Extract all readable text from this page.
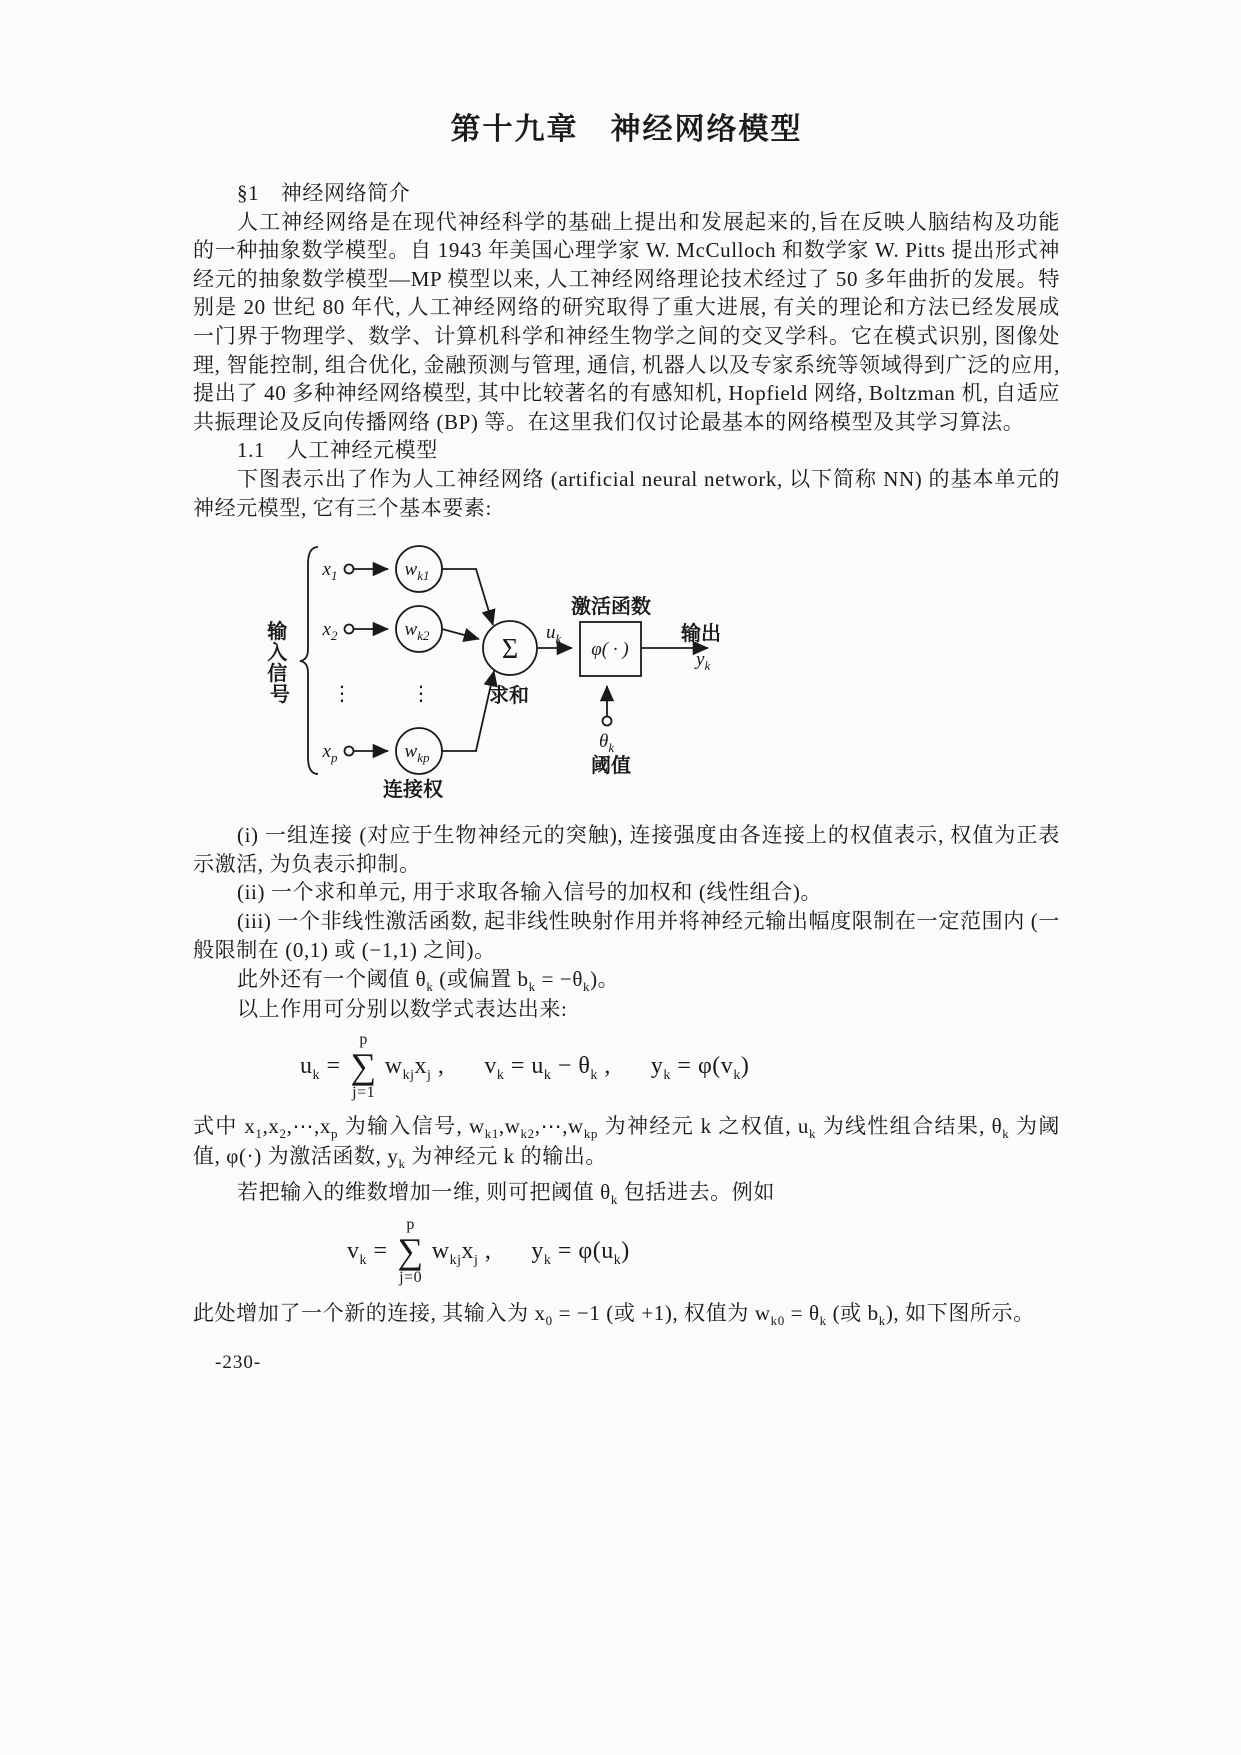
第十九章　神经网络模型

§1　神经网络简介

人工神经网络是在现代神经科学的基础上提出和发展起来的,旨在反映人脑结构及功能的一种抽象数学模型。自 1943 年美国心理学家 W. McCulloch 和数学家 W. Pitts 提出形式神经元的抽象数学模型—MP 模型以来, 人工神经网络理论技术经过了 50 多年曲折的发展。特别是 20 世纪 80 年代, 人工神经网络的研究取得了重大进展, 有关的理论和方法已经发展成一门界于物理学、数学、计算机科学和神经生物学之间的交叉学科。它在模式识别, 图像处理, 智能控制, 组合优化, 金融预测与管理, 通信, 机器人以及专家系统等领域得到广泛的应用, 提出了 40 多种神经网络模型, 其中比较著名的有感知机, Hopfield 网络, Boltzman 机, 自适应共振理论及反向传播网络 (BP) 等。在这里我们仅讨论最基本的网络模型及其学习算法。

1.1　人工神经元模型

下图表示出了作为人工神经网络 (artificial neural network, 以下简称 NN) 的基本单元的神经元模型, 它有三个基本要素:

输 入 信 号
$x_1$	$w_{k1}$
$x_2$	$w_{k2}$
⋮	⋮
$x_p$	$w_{kp}$
连接权
Σ
求和
$u_k$
激活函数
φ( · )
输出
$y_k$
$\theta_k$
阈值

(i) 一组连接 (对应于生物神经元的突触), 连接强度由各连接上的权值表示, 权值为正表示激活, 为负表示抑制。

(ii) 一个求和单元, 用于求取各输入信号的加权和 (线性组合)。

(iii) 一个非线性激活函数, 起非线性映射作用并将神经元输出幅度限制在一定范围内 (一般限制在 (0,1) 或 (−1,1) 之间)。

此外还有一个阈值 $\theta_k$ (或偏置 $b_k = -\theta_k$)。

以上作用可分别以数学式表达出来:

$u_k$ =
p
∑
j=1
$w_{kj}x_j$ , $v_k = u_k - \theta_k$ , $y_k = \varphi(v_k)$

式中 $x_1,x_2,\cdots,x_p$ 为输入信号, $w_{k1},w_{k2},\cdots,w_{kp}$ 为神经元 k 之权值, $u_k$ 为线性组合结果, $\theta_k$ 为阈值, φ(·) 为激活函数, $y_k$ 为神经元 k 的输出。

若把输入的维数增加一维, 则可把阈值 $\theta_k$ 包括进去。例如

$v_k$ =
p
∑
j=0
$w_{kj}x_j$ , $y_k = \varphi(u_k)$

此处增加了一个新的连接, 其输入为 $x_0 = -1$ (或 +1), 权值为 $w_{k0} = \theta_k$ (或 $b_k$), 如下图所示。

-230-
